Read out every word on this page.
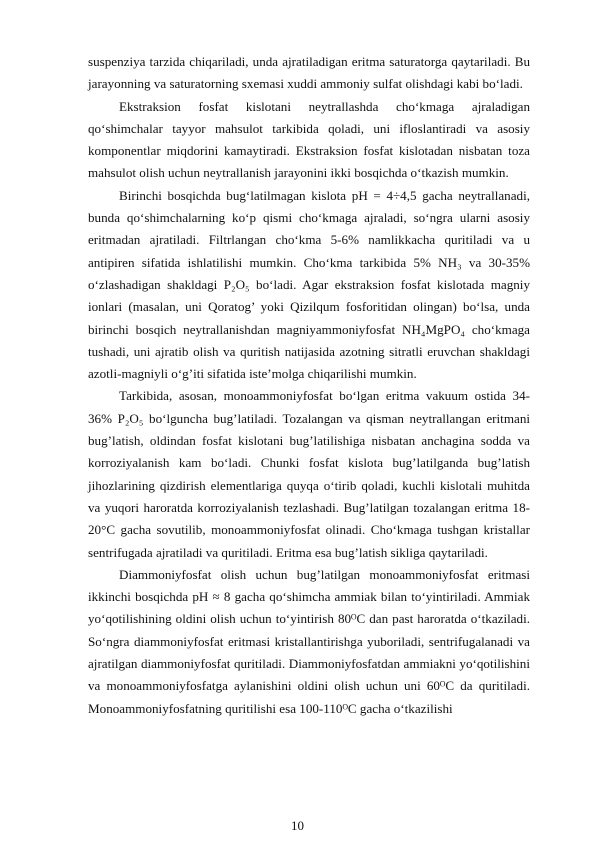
suspenziya tarzida chiqariladi, unda ajratiladigan eritma saturatorga qaytariladi. Bu jarayonning va saturatorning sxemasi xuddi ammoniy sulfat olishdagi kabi bo‘ladi.

Ekstraksion fosfat kislotani neytrallashda cho‘kmaga ajraladigan qo‘shimchalar tayyor mahsulot tarkibida qoladi, uni ifloslantiradi va asosiy komponentlar miqdorini kamaytiradi. Ekstraksion fosfat kislotadan nisbatan toza mahsulot olish uchun neytrallanish jarayonini ikki bosqichda o‘tkazish mumkin.

Birinchi bosqichda bug‘latilmagan kislota pH = 4÷4,5 gacha neytrallanadi, bunda qo‘shimchalarning ko‘p qismi cho‘kmaga ajraladi, so‘ngra ularni asosiy eritmadan ajratiladi. Filtrlangan cho‘kma 5-6% namlikkacha quritiladi va u antipiren sifatida ishlatilishi mumkin. Cho‘kma tarkibida 5% NH₃ va 30-35% o‘zlashadigan shakldagi P₂O₅ bo‘ladi. Agar ekstraksion fosfat kislotada magniy ionlari (masalan, uni Qoratog’ yoki Qizilqum fosforitidan olingan) bo‘lsa, unda birinchi bosqich neytrallanishdan magniyammoniyfosfat NH₄MgPO₄ cho‘kmaga tushadi, uni ajratib olish va quritish natijasida azotning sitratli eruvchan shakldagi azotli-magniyli o‘g’iti sifatida iste’molga chiqarilishi mumkin.

Tarkibida, asosan, monoammoniyfosfat bo‘lgan eritma vakuum ostida 34-36% P₂O₅ bo‘lguncha bug’latiladi. Tozalangan va qisman neytrallangan eritmani bug’latish, oldindan fosfat kislotani bug’latilishiga nisbatan anchagina sodda va korroziyalanish kam bo‘ladi. Chunki fosfat kislota bug’latilganda bug’latish jihozlarining qizdirish elementlariga quyqa o‘tirib qoladi, kuchli kislotali muhitda va yuqori haroratda korroziyalanish tezlashadi. Bug’latilgan tozalangan eritma 18-20°C gacha sovutilib, monoammoniyfosfat olinadi. Cho‘kmaga tushgan kristallar sentrifugada ajratiladi va quritiladi. Eritma esa bug’latish sikliga qaytariladi.

Diammoniyfosfat olish uchun bug’latilgan monoammoniyfosfat eritmasi ikkinchi bosqichda pH ≈ 8 gacha qo‘shimcha ammiak bilan to‘yintiriladi. Ammiak yo‘qotilishining oldini olish uchun to‘yintirish 80ᴼC dan past haroratda o‘tkaziladi. So‘ngra diammoniyfosfat eritmasi kristallantirishga yuboriladi, sentrifugalanadi va ajratilgan diammoniyfosfat quritiladi. Diammoniyfosfatdan ammiakni yo‘qotilishini va monoammoniyfosfatga aylanishini oldini olish uchun uni 60ᴼC da quritiladi. Monoammoniyfosfatning quritilishi esa 100-110ᴼC gacha o‘tkazilishi

10
